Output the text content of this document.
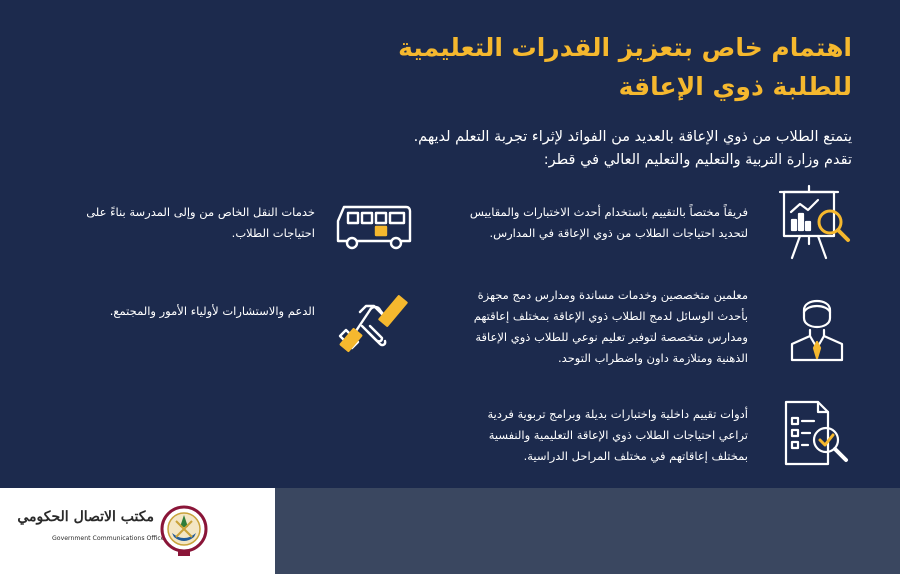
اهتمام خاص بتعزيز القدرات التعليمية
للطلبة ذوي الإعاقة
يتمتع الطلاب من ذوي الإعاقة بالعديد من الفوائد لإثراء تجربة التعلم لديهم.
تقدم وزارة التربية والتعليم والتعليم العالي في قطر:
فريقاً مختصاً بالتقييم باستخدام أحدث الاختبارات والمقاييس
لتحديد احتياجات الطلاب من ذوي الإعاقة في المدارس.
معلمين متخصصين وخدمات مساندة ومدارس دمج مجهزة
بأحدث الوسائل لدمج الطلاب ذوي الإعاقة بمختلف إعاقتهم
ومدارس متخصصة لتوفير تعليم نوعي للطلاب ذوي الإعاقة
الذهنية ومتلازمة داون واضطراب التوحد.
أدوات تقييم داخلية واختبارات بديلة وبرامج تربوية فردية
تراعي احتياجات الطلاب ذوي الإعاقة التعليمية والنفسية
بمختلف إعاقاتهم في مختلف المراحل الدراسية.
خدمات النقل الخاص من وإلى المدرسة بناءً على
احتياجات الطلاب.
الدعم والاستشارات لأولياء الأمور والمجتمع.
مكتب الاتصال الحكومي
Government Communications Office
